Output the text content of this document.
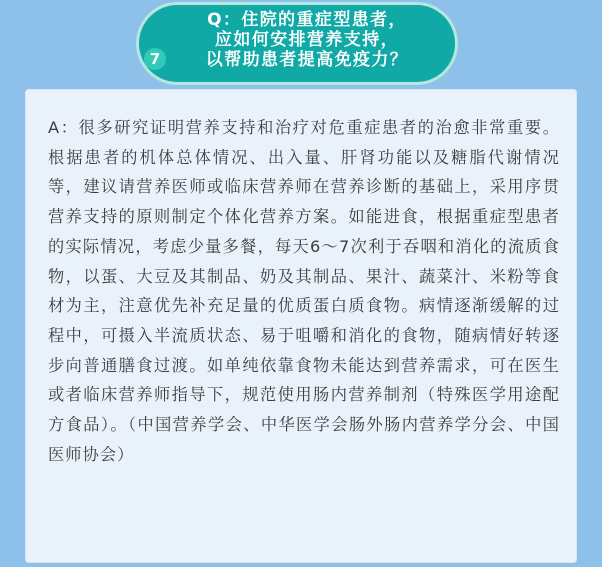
A：很多研究证明营养支持和治疗对危重症患者的治愈非常重要。根据患者的机体总体情况、出入量、肝肾功能以及糖脂代谢情况等，建议请营养医师或临床营养师在营养诊断的基础上，采用序贯营养支持的原则制定个体化营养方案。如能进食，根据重症型患者的实际情况，考虑少量多餐，每天6～7次利于吞咽和消化的流质食物，以蛋、大豆及其制品、奶及其制品、果汁、蔬菜汁、米粉等食材为主，注意优先补充足量的优质蛋白质食物。病情逐渐缓解的过程中，可摄入半流质状态、易于咀嚼和消化的食物，随病情好转逐步向普通膳食过渡。如单纯依靠食物未能达到营养需求，可在医生或者临床营养师指导下，规范使用肠内营养制剂（特殊医学用途配方食品）。（中国营养学会、中华医学会肠外肠内营养学分会、中国医师协会）

Q：住院的重症型患者，
应如何安排营养支持，
以帮助患者提高免疫力？

7
